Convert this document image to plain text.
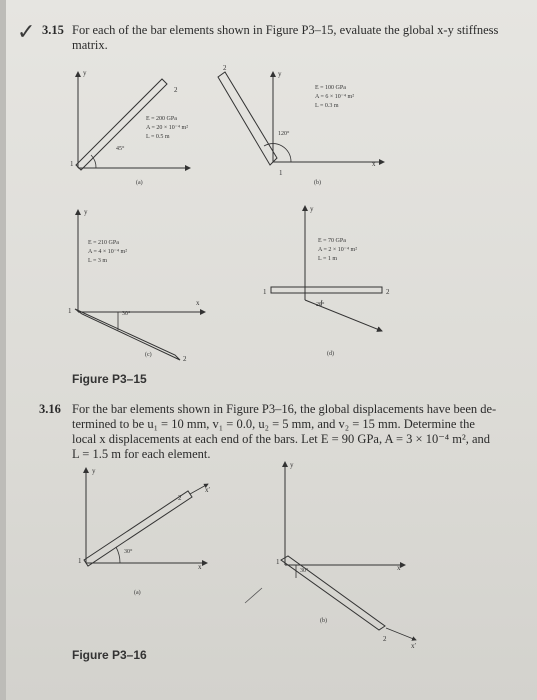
✓ 3.15 For each of the bar elements shown in Figure P3–15, evaluate the global x-y stiffness
matrix.
y
1
2
E = 200 GPa
A = 20 × 10⁻⁴ m²
L = 0.5 m
45°
(a)
y
2
1
E = 100 GPa
A = 6 × 10⁻⁴ m²
L = 0.3 m
120°
(b)
x
y
1
2
E = 210 GPa
A = 4 × 10⁻⁴ m²
L = 3 m
30°
(c)
x
y
1	2
E = 70 GPa
A = 2 × 10⁻⁴ m²
L = 1 m
20°
(d)
y
1
2
x′
30°
(a)
x
y
1
2
x′
30°
(b)
x
Figure P3–15
3.16 For the bar elements shown in Figure P3–16, the global displacements have been de-
termined to be u₁ = 10 mm, v₁ = 0.0, u₂ = 5 mm, and v₂ = 15 mm. Determine the
local x displacements at each end of the bars. Let E = 90 GPa, A = 3 × 10⁻⁴ m², and
L = 1.5 m for each element.
Figure P3–16
